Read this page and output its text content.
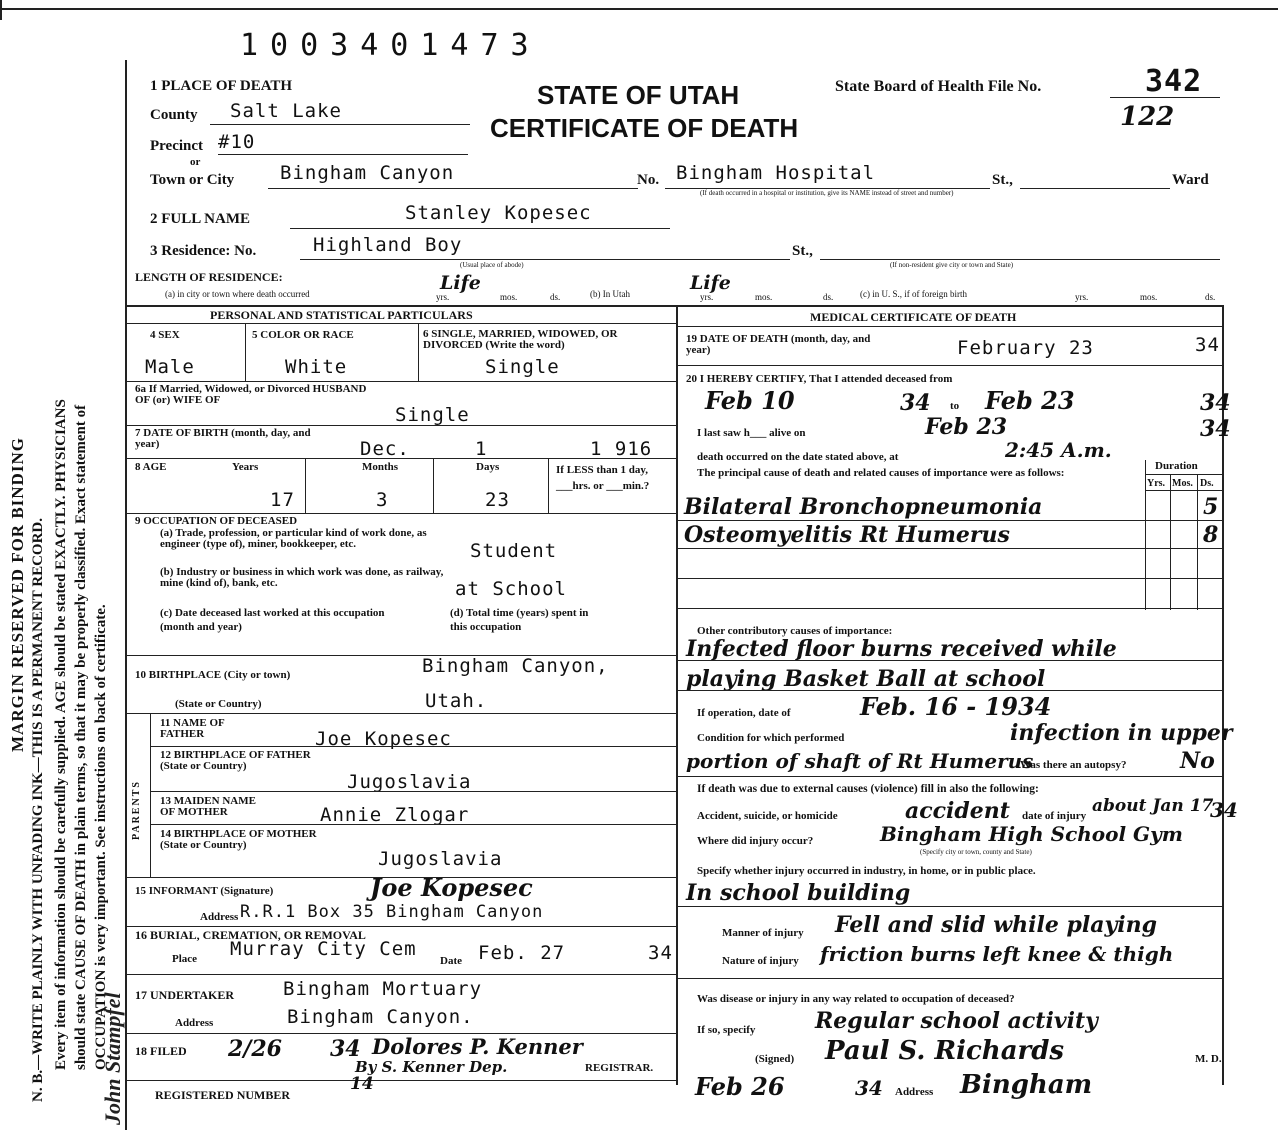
MARGIN RESERVED FOR BINDING N. B.—WRITE PLAINLY WITH UNFADING INK—THIS IS A PERMANENT RECORD. Every item of information should be carefully supplied. AGE should be stated EXACTLY. PHYSICIANS should state CAUSE OF DEATH in plain terms, so that it may be properly classified. Exact statement of OCCUPATION is very important. See instructions on back of certificate.
John Stampfel
1003401473
STATE OF UTAH
CERTIFICATE OF DEATH
State Board of Health File No.	342
122
1 PLACE OF DEATH
County Salt Lake
Precinct #10
or
Town or City Bingham Canyon	No. Bingham Hospital	St.,	Ward
(If death occurred in a hospital or institution, give its NAME instead of street and number)
2 FULL NAME	Stanley Kopesec
3 Residence: No.	Highland Boy	St.,
(Usual place of abode)	(If non-resident give city or town and State)
LENGTH OF RESIDENCE:
(a) in city or town where death occurred	Life
yrs.	mos.	ds.	(b) In Utah	Life
yrs.	mos.	ds.	(c) in U. S., if of foreign birth	yrs.	mos.	ds.
PERSONAL AND STATISTICAL PARTICULARS
4 SEX	5 COLOR OR RACE	6 SINGLE, MARRIED, WIDOWED, OR DIVORCED (Write the word)
Male	White	Single
6a If Married, Widowed, or Divorced HUSBAND OF (or) WIFE OF
Single
7 DATE OF BIRTH (month, day, and year)	Dec.	1	1 916
8 AGE	Years	Months	Days	If LESS than 1 day, ___hrs. or ___min.?
17	3	23
9 OCCUPATION OF DECEASED
(a) Trade, profession, or particular kind of work done, as engineer (type of), miner, bookkeeper, etc.	Student
(b) Industry or business in which work was done, as railway, mine (kind of), bank, etc.	at School
(c) Date deceased last worked at this occupation (month and year)
(d) Total time (years) spent in this occupation
10 BIRTHPLACE (City or town)	Bingham Canyon,
(State or Country)	Utah.
PARENTS
11 NAME OF FATHER	Joe Kopesec
12 BIRTHPLACE OF FATHER (State or Country)
Jugoslavia
13 MAIDEN NAME OF MOTHER	Annie Zlogar
14 BIRTHPLACE OF MOTHER (State or Country)
Jugoslavia
15 INFORMANT (Signature)	Joe Kopesec
Address R.R.1 Box 35 Bingham Canyon
16 BURIAL, CREMATION, OR REMOVAL
Place Murray City Cem
Date Feb. 27	34
17 UNDERTAKER	Bingham Mortuary
Address	Bingham Canyon.
18 FILED 2/26 34 Dolores P. Kenner
By S. Kenner Dep.	REGISTRAR.
REGISTERED NUMBER
14
MEDICAL CERTIFICATE OF DEATH
19 DATE OF DEATH (month, day, and year)	February 23	34
20 I HEREBY CERTIFY, That I attended deceased from
Feb 10	34 to Feb 23	34
I last saw h___ alive on	Feb 23	34
death occurred on the date stated above, at	2:45 A.m.
The principal cause of death and related causes of importance were as follows:
Duration
Yrs. Mos. Ds.
Bilateral Bronchopneumonia	5
Osteomyelitis Rt Humerus	8
Other contributory causes of importance:
Infected floor burns received while
playing Basket Ball at school
If operation, date of	Feb. 16 - 1934
Condition for which performed	infection in upper
portion of shaft of Rt Humerus
Was there an autopsy? No
If death was due to external causes (violence) fill in also the following:
Accident, suicide, or homicide	accident date of injury about Jan 17
34
Where did injury occur?	Bingham High School Gym
(Specify city or town, county and State)
Specify whether injury occurred in industry, in home, or in public place.
In school building
Manner of injury Fell and slid while playing
Nature of injury friction burns left knee & thigh
Was disease or injury in any way related to occupation of deceased?
If so, specify	Regular school activity
(Signed) Paul S. Richards	M. D.
Feb 26	34 Address Bingham
